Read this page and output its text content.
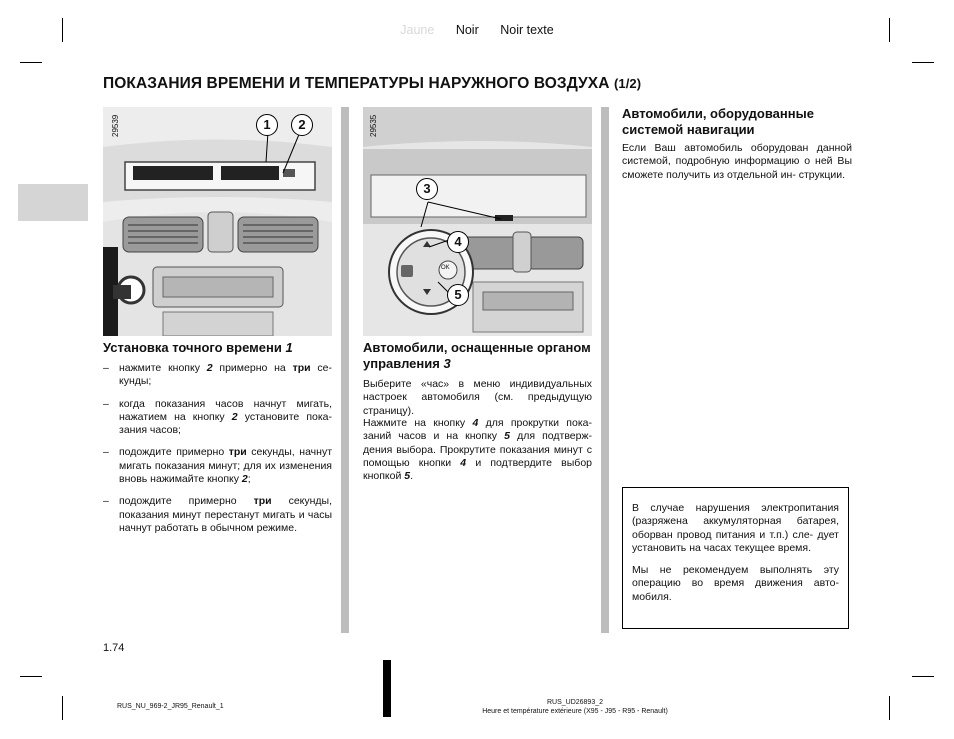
Jaune Noir Noir texte
ПОКАЗАНИЯ ВРЕМЕНИ И ТЕМПЕРАТУРЫ НАРУЖНОГО ВОЗДУХА (1/2)
1	2
29539
OK
3
4
5
29535
Установка точного времени 1
– нажмите кнопку 2 примерно на три се- кунды;
– когда показания часов начнут мигать, нажатием на кнопку 2 установите пока- зания часов;
– подождите примерно три секунды, начнут мигать показания минут; для их изменения вновь нажимайте кнопку 2;
– подождите примерно три секунды, показания минут перестанут мигать и часы начнут работать в обычном режиме.
Автомобили, оснащенные органом управления 3
Выберите «час» в меню индивидуальных настроек автомобиля (см. предыдущую страницу).
Нажмите на кнопку 4 для прокрутки пока- заний часов и на кнопку 5 для подтверж- дения выбора. Прокрутите показания минут с помощью кнопки 4 и подтвердите выбор кнопкой 5.
Автомобили, оборудованные системой навигации
Если Ваш автомобиль оборудован данной системой, подробную информацию о ней Вы сможете получить из отдельной ин- струкции.
В случае нарушения электропитания (разряжена аккумуляторная батарея, оборван провод питания и т.п.) сле- дует установить на часах текущее время.
Мы не рекомендуем выполнять эту операцию во время движения авто- мобиля.
1.74
RUS_NU_969-2_JR95_Renault_1
RUS_UD26893_2
Heure et température extérieure (X95 - J95 - R95 - Renault)
